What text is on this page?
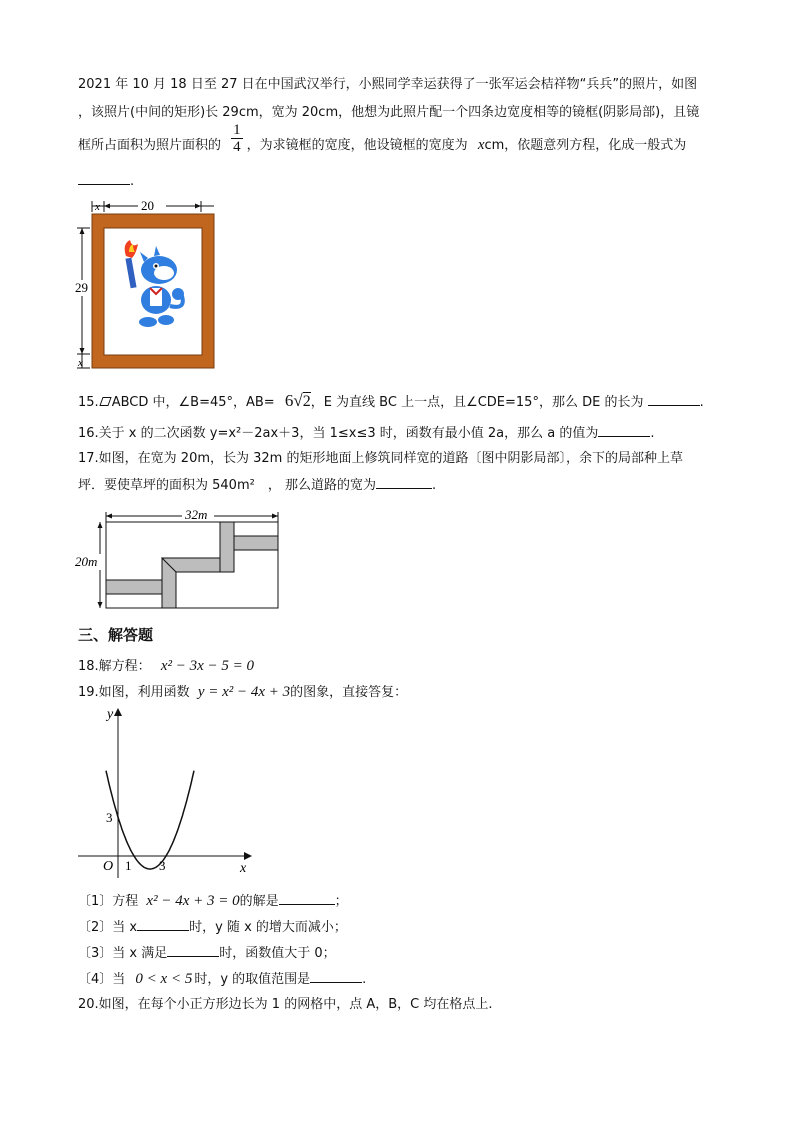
2021 年 10 月 18 日至 27 日在中国武汉举行，小熙同学幸运获得了一张军运会桔祥物“兵兵”的照片，如图
，该照片(中间的矩形)长 29cm，宽为 20cm，他想为此照片配一个四条边宽度相等的镜框(阴影局部)，且镜
框所占面积为照片面积的 $\frac{1}{4}$ ，为求镜框的宽度，他设镜框的宽度为 xcm，依题意列方程，化成一般式为
.
x	20
29
x
15. ABCD 中，∠B=45°，AB= 6√2，E 为直线 BC 上一点，且∠CDE=15°，那么 DE 的长为	.
16.关于 x 的二次函数 y=x²－2ax＋3，当 1≤x≤3 时，函数有最小值 2a，那么 a 的值为	.
17.如图，在宽为 20m，长为 32m 的矩形地面上修筑同样宽的道路〔图中阴影局部〕，余下的局部种上草
坪．要使草坪的面积为 540m²　， 那么道路的宽为	.
32m
20m
三、解答题
18.解方程： x² − 3x − 5 = 0
19.如图，利用函数 y = x² − 4x + 3的图象，直接答复：
y
x
O 1 3
3
〔1〕方程 x² − 4x + 3 = 0的解是	；
〔2〕当 x	时，y 随 x 的增大而减小；
〔3〕当 x 满足	时，函数值大于 0；
〔4〕当 0 < x < 5 时，y 的取值范围是	.
20.如图，在每个小正方形边长为 1 的网格中，点 A，B，C 均在格点上.
